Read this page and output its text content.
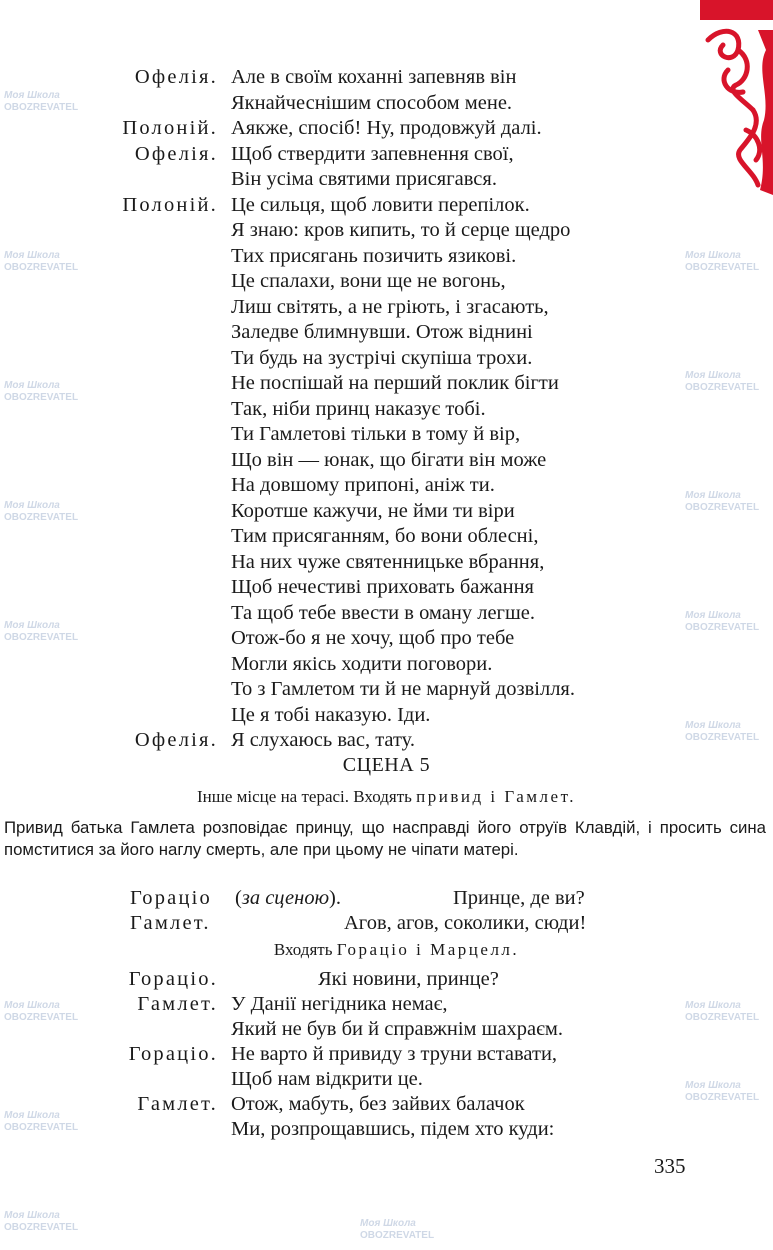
Моя Школа
OBOZREVATEL
Моя Школа
OBOZREVATEL
Моя Школа
OBOZREVATEL
Моя Школа
OBOZREVATEL
Моя Школа
OBOZREVATEL
Моя Школа
OBOZREVATEL
Моя Школа
OBOZREVATEL
Моя Школа
OBOZREVATEL
Моя Школа
OBOZREVATEL
Моя Школа
OBOZREVATEL
Моя Школа
OBOZREVATEL
Моя Школа
OBOZREVATEL
Моя Школа
OBOZREVATEL
Моя Школа
OBOZREVATEL
Моя Школа
OBOZREVATEL
Моя Школа
OBOZREVATEL
Офелія. Але в своїм коханні запевняв він
Якнайчеснішим способом мене.
Полоній. Аякже, спосіб! Ну, продовжуй далі.
Офелія. Щоб ствердити запевнення свої,
Він усіма святими присягався.
Полоній. Це сильця, щоб ловити перепілок.
Я знаю: кров кипить, то й серце щедро
Тих присягань позичить язикові.
Це спалахи, вони ще не вогонь,
Лиш світять, а не гріють, і згасають,
Заледве блимнувши. Отож віднині
Ти будь на зустрічі скупіша трохи.
Не поспішай на перший поклик бігти
Так, ніби принц наказує тобі.
Ти Гамлетові тільки в тому й вір,
Що він — юнак, що бігати він може
На довшому припоні, аніж ти.
Коротше кажучи, не йми ти віри
Тим присяганням, бо вони облесні,
На них чуже святенницьке вбрання,
Щоб нечестиві приховать бажання
Та щоб тебе ввести в оману легше.
Отож-бо я не хочу, щоб про тебе
Могли якісь ходити поговори.
То з Гамлетом ти й не марнуй дозвілля.
Це я тобі наказую. Іди.
Офелія. Я слухаюсь вас, тату.
СЦЕНА 5
Інше місце на терасі. Входять привид і Гамлет.
Привид батька Гамлета розповідає принцу, що насправді його отруїв Клавдій, і просить сина помститися за його наглу смерть, але при цьому не чіпати матері.
Гораціо (за сценою).	Принце, де ви?
Гамлет.	Агов, агов, соколики, сюди!
Входять Гораціо і Марцелл.
Гораціо.	Які новини, принце?
Гамлет. У Данії негідника немає,
Який не був би й справжнім шахраєм.
Гораціо. Не варто й привиду з труни вставати,
Щоб нам відкрити це.
Гамлет. Отож, мабуть, без зайвих балачок
Ми, розпрощавшись, підем хто куди:
335
